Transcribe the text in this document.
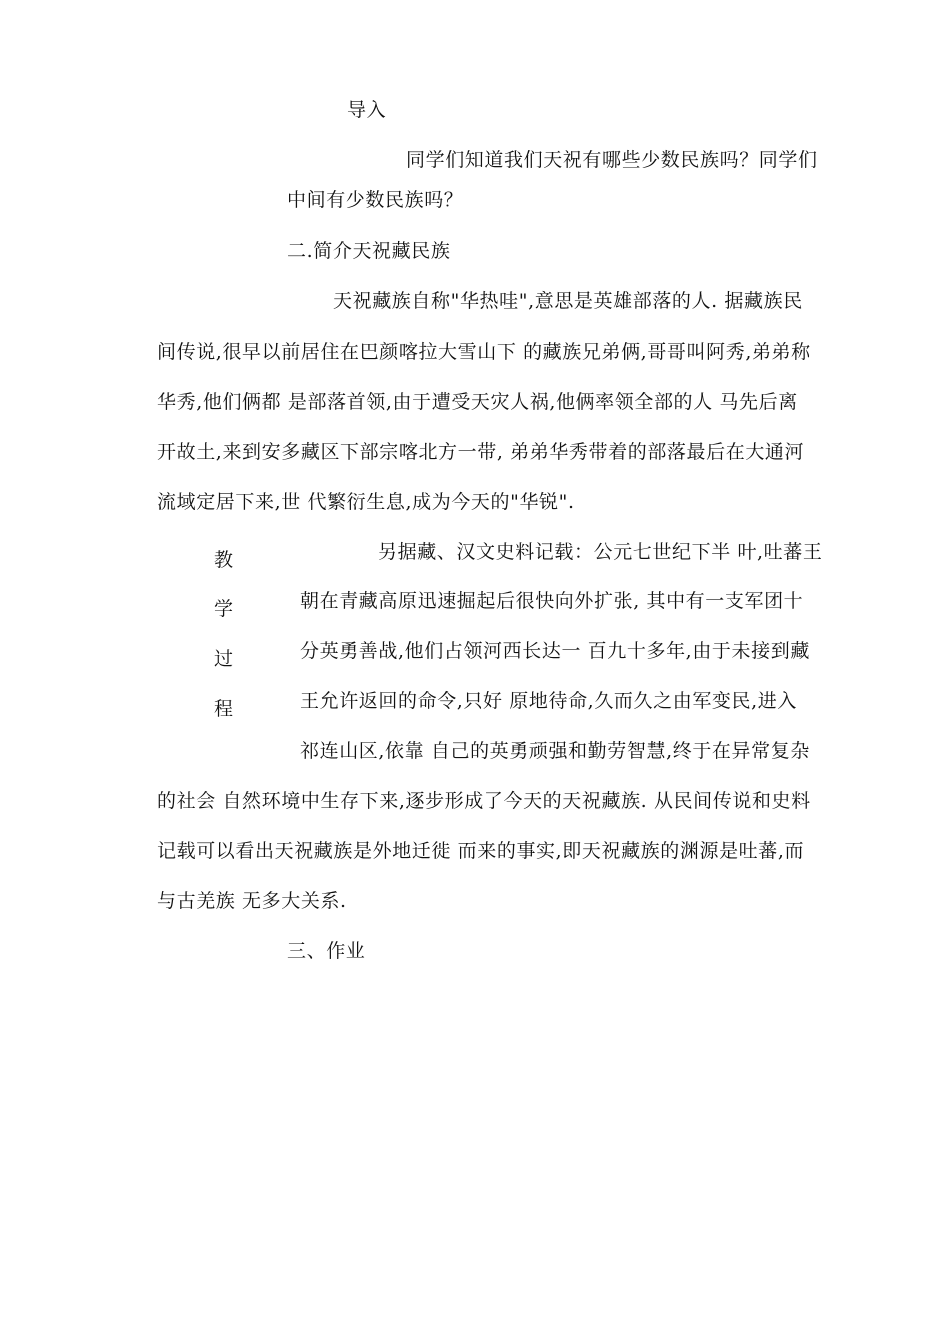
导入
同学们知道我们天祝有哪些少数民族吗？同学们
中间有少数民族吗？
二.简介天祝藏民族
天祝藏族自称"华热哇",意思是英雄部落的人. 据藏族民
间传说,很早以前居住在巴颜喀拉大雪山下 的藏族兄弟俩,哥哥叫阿秀,弟弟称
华秀,他们俩都 是部落首领,由于遭受天灾人祸,他俩率领全部的人 马先后离
开故土,来到安多藏区下部宗喀北方一带, 弟弟华秀带着的部落最后在大通河
流域定居下来,世 代繁衍生息,成为今天的"华锐".
教
学
过
程
另据藏、汉文史料记载：公元七世纪下半 叶,吐蕃王
朝在青藏高原迅速掘起后很快向外扩张, 其中有一支军团十
分英勇善战,他们占领河西长达一 百九十多年,由于未接到藏
王允许返回的命令,只好 原地待命,久而久之由军变民,进入
祁连山区,依靠 自己的英勇顽强和勤劳智慧,终于在异常复杂
的社会 自然环境中生存下来,逐步形成了今天的天祝藏族. 从民间传说和史料
记载可以看出天祝藏族是外地迁徙 而来的事实,即天祝藏族的渊源是吐蕃,而
与古羌族 无多大关系.
三、作业
